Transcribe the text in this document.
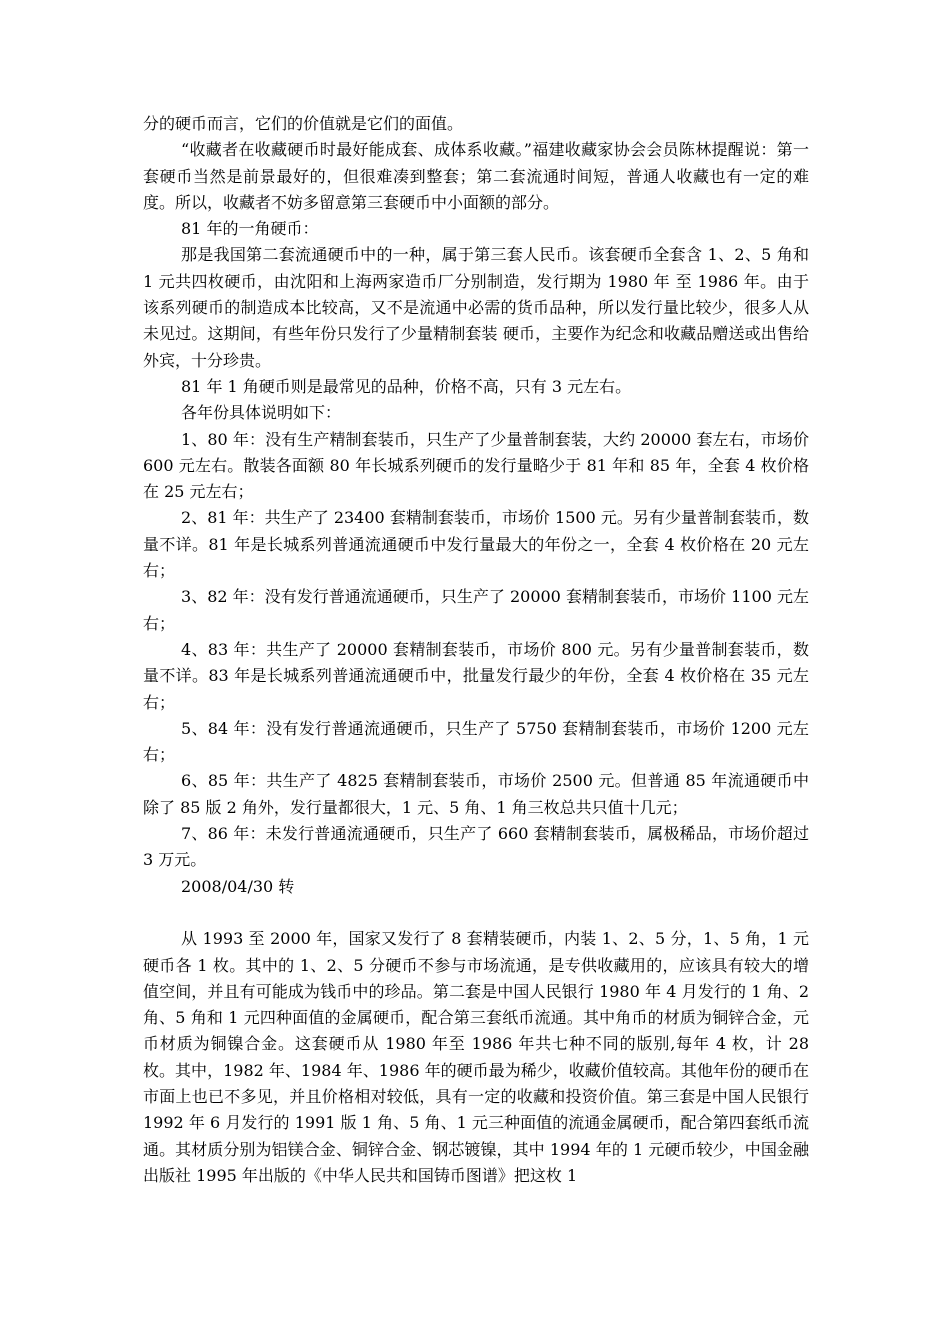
分的硬币而言，它们的价值就是它们的面值。

“收藏者在收藏硬币时最好能成套、成体系收藏。”福建收藏家协会会员陈林提醒说：第一套硬币当然是前景最好的，但很难凑到整套；第二套流通时间短，普通人收藏也有一定的难度。所以，收藏者不妨多留意第三套硬币中小面额的部分。

81 年的一角硬币：

那是我国第二套流通硬币中的一种，属于第三套人民币。该套硬币全套含 1、2、5 角和 1 元共四枚硬币，由沈阳和上海两家造币厂分别制造，发行期为 1980 年 至 1986 年。由于该系列硬币的制造成本比较高，又不是流通中必需的货币品种，所以发行量比较少，很多人从未见过。这期间，有些年份只发行了少量精制套装 硬币，主要作为纪念和收藏品赠送或出售给外宾，十分珍贵。

81 年 1 角硬币则是最常见的品种，价格不高，只有 3 元左右。

各年份具体说明如下：

1、80 年：没有生产精制套装币，只生产了少量普制套装，大约 20000 套左右，市场价 600 元左右。散装各面额 80 年长城系列硬币的发行量略少于 81 年和 85 年，全套 4 枚价格在 25 元左右；

2、81 年：共生产了 23400 套精制套装币，市场价 1500 元。另有少量普制套装币，数量不详。81 年是长城系列普通流通硬币中发行量最大的年份之一，全套 4 枚价格在 20 元左右；

3、82 年：没有发行普通流通硬币，只生产了 20000 套精制套装币，市场价 1100 元左右；

4、83 年：共生产了 20000 套精制套装币，市场价 800 元。另有少量普制套装币，数量不详。83 年是长城系列普通流通硬币中，批量发行最少的年份，全套 4 枚价格在 35 元左右；

5、84 年：没有发行普通流通硬币，只生产了 5750 套精制套装币，市场价 1200 元左右；

6、85 年：共生产了 4825 套精制套装币，市场价 2500 元。但普通 85 年流通硬币中除了 85 版 2 角外，发行量都很大，1 元、5 角、1 角三枚总共只值十几元；

7、86 年：未发行普通流通硬币，只生产了 660 套精制套装币，属极稀品，市场价超过 3 万元。

2008/04/30 转

从 1993 至 2000 年，国家又发行了 8 套精装硬币，内装 1、2、5 分，1、5 角，1 元硬币各 1 枚。其中的 1、2、5 分硬币不参与市场流通，是专供收藏用的，应该具有较大的增值空间，并且有可能成为钱币中的珍品。第二套是中国人民银行 1980 年 4 月发行的 1 角、2 角、5 角和 1 元四种面值的金属硬币，配合第三套纸币流通。其中角币的材质为铜锌合金，元币材质为铜镍合金。这套硬币从 1980 年至 1986 年共七种不同的版别,每年 4 枚，计 28 枚。其中，1982 年、1984 年、1986 年的硬币最为稀少，收藏价值较高。其他年份的硬币在市面上也已不多见，并且价格相对较低，具有一定的收藏和投资价值。第三套是中国人民银行 1992 年 6 月发行的 1991 版 1 角、5 角、1 元三种面值的流通金属硬币，配合第四套纸币流通。其材质分别为铝镁合金、铜锌合金、钢芯镀镍，其中 1994 年的 1 元硬币较少，中国金融出版社 1995 年出版的《中华人民共和国铸币图谱》把这枚 1
